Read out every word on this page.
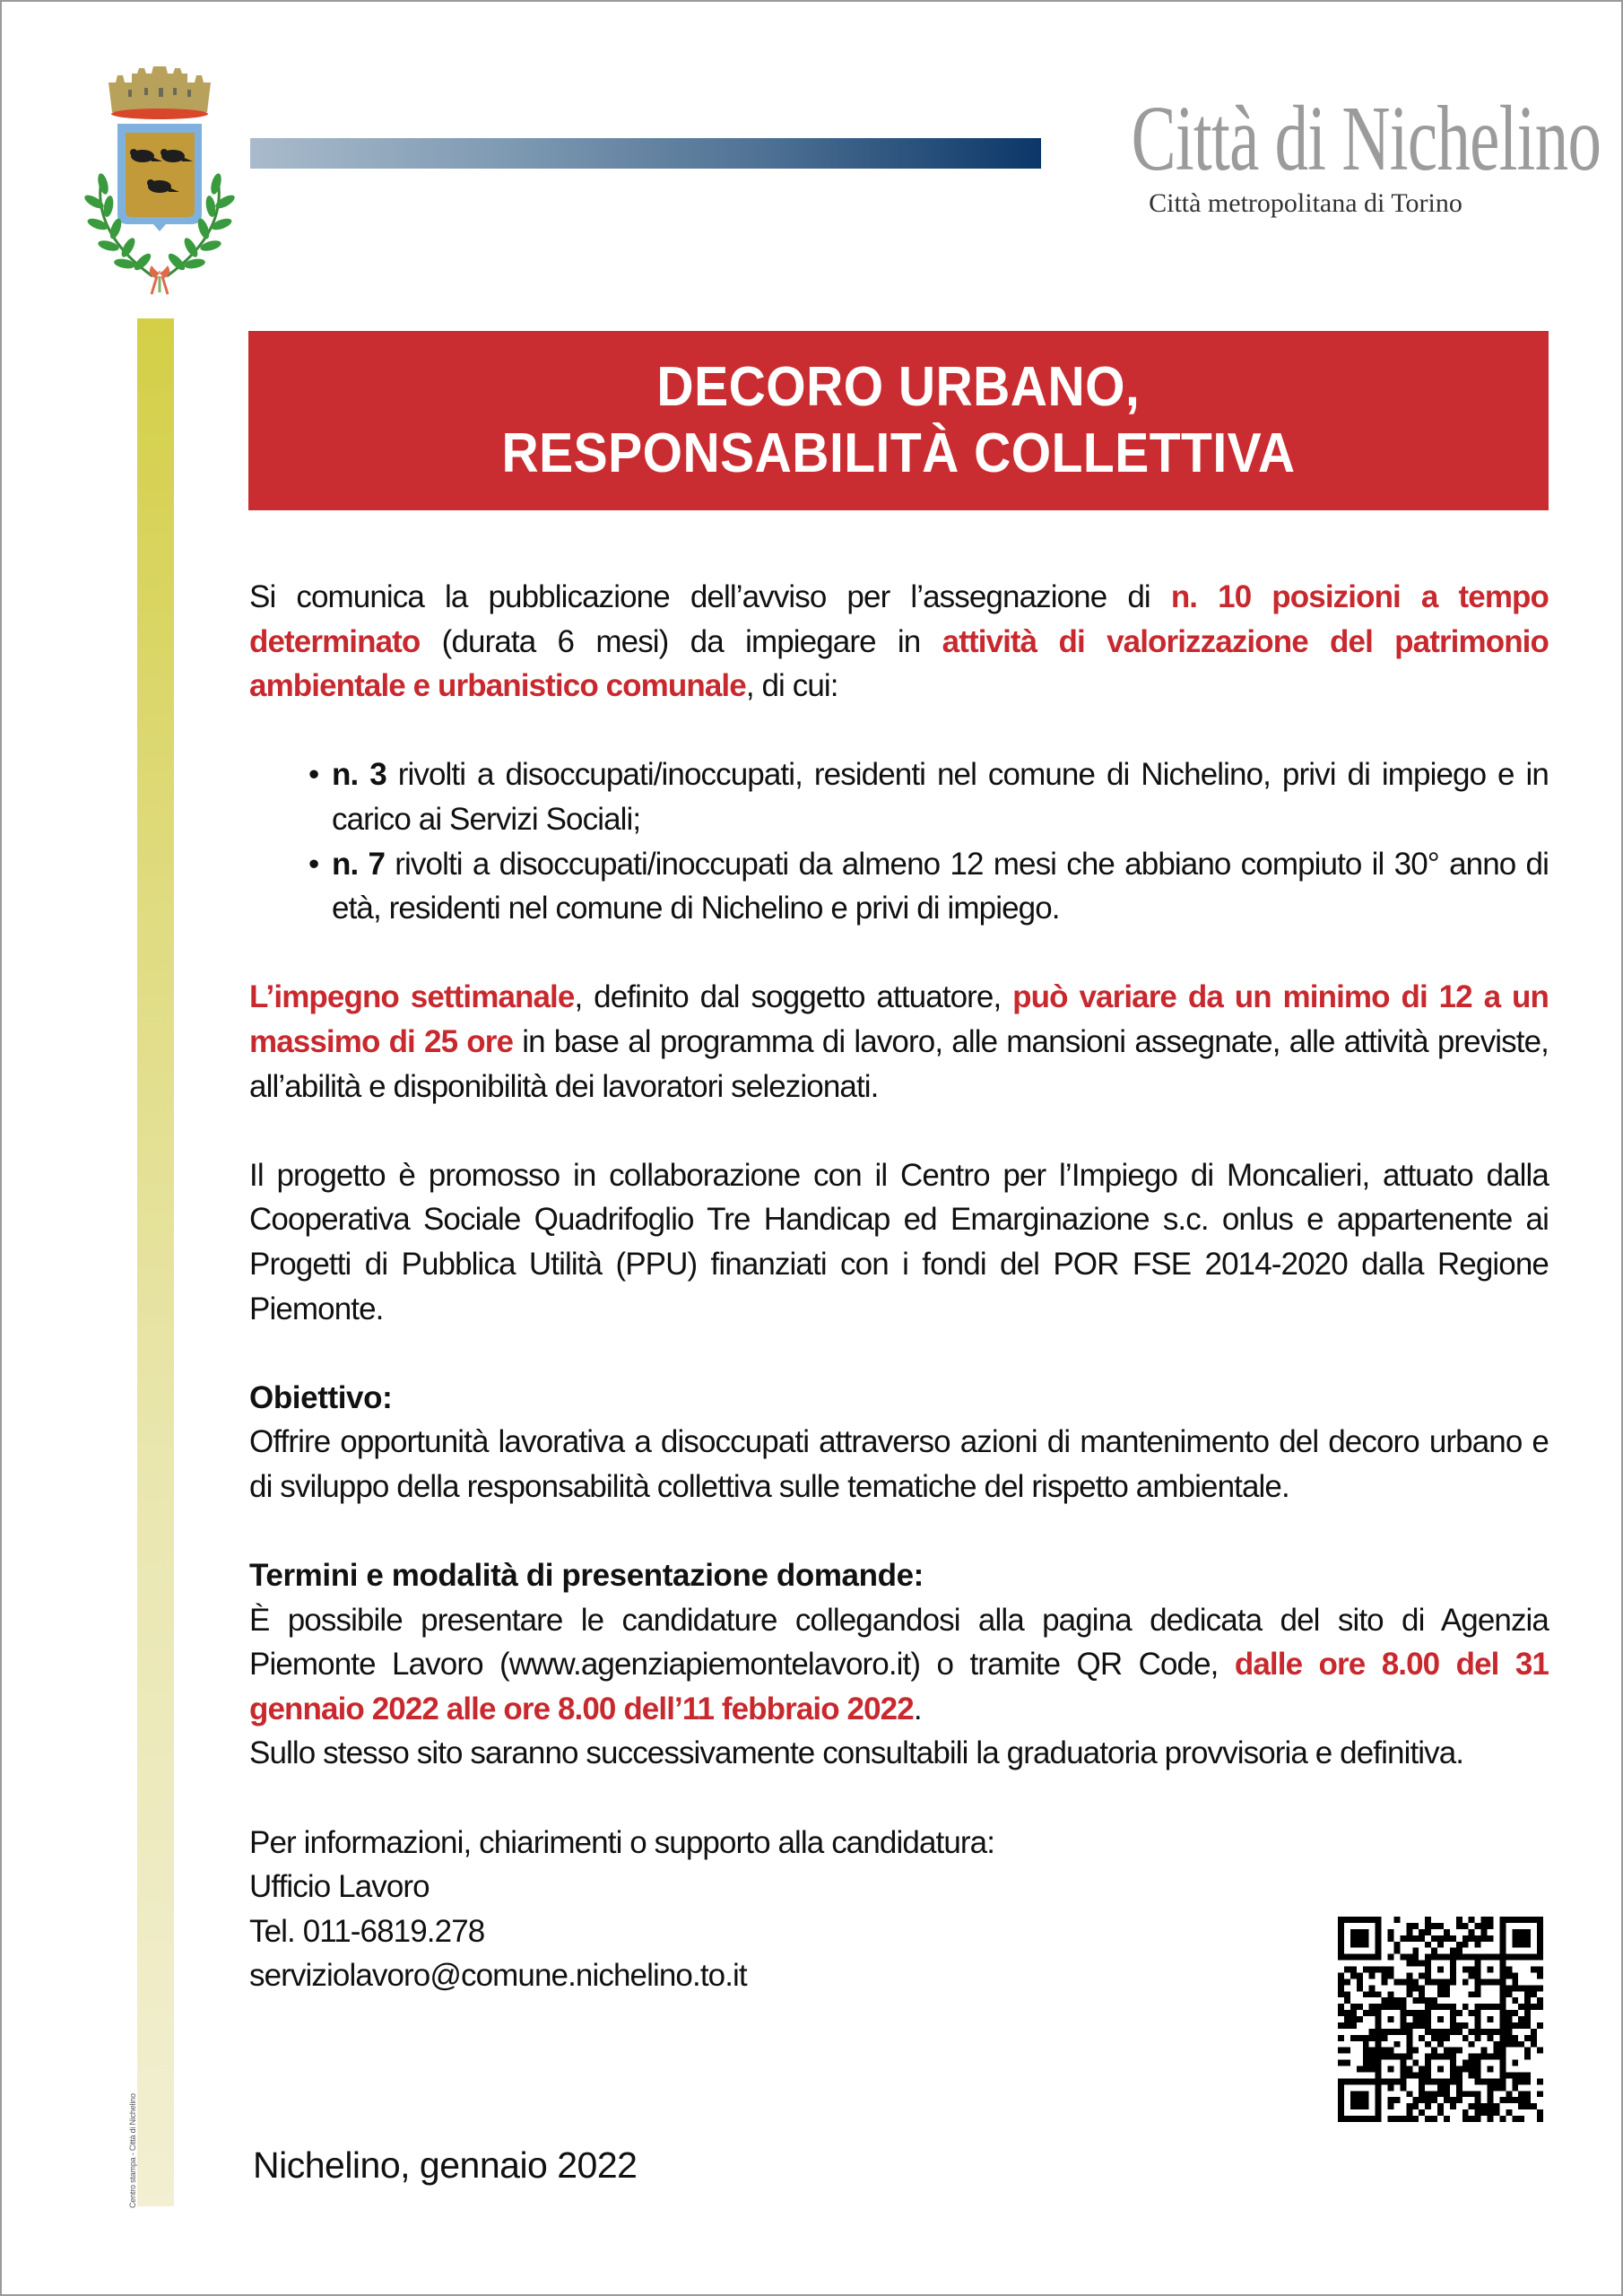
Centro stampa - Città di Nichelino
Città di Nichelino
Città metropolitana di Torino
DECORO URBANO,
RESPONSABILITÀ COLLETTIVA

Si comunica la pubblicazione dell’avviso per l’assegnazione di n. 10 posizioni a tempo determinato (durata 6 mesi) da impiegare in attività di valorizzazione del patrimonio ambientale e urbanistico comunale, di cui:

• n. 3 rivolti a disoccupati/inoccupati, residenti nel comune di Nichelino, privi di impiego e in carico ai Servizi Sociali;
• n. 7 rivolti a disoccupati/inoccupati da almeno 12 mesi che abbiano compiuto il 30° anno di età, residenti nel comune di Nichelino e privi di impiego.

L’impegno settimanale, definito dal soggetto attuatore, può variare da un minimo di 12 a un massimo di 25 ore in base al programma di lavoro, alle mansioni assegnate, alle attività previste, all’abilità e disponibilità dei lavoratori selezionati.

Il progetto è promosso in collaborazione con il Centro per l’Impiego di Moncalieri, attuato dalla Cooperativa Sociale Quadrifoglio Tre Handicap ed Emarginazione s.c. onlus e appartenente ai Progetti di Pubblica Utilità (PPU) finanziati con i fondi del POR FSE 2014-2020 dalla Regione Piemonte.

Obiettivo:

Offrire opportunità lavorativa a disoccupati attraverso azioni di mantenimento del decoro urbano e di sviluppo della responsabilità collettiva sulle tematiche del rispetto ambientale.

Termini e modalità di presentazione domande:

È possibile presentare le candidature collegandosi alla pagina dedicata del sito di Agenzia Piemonte Lavoro (www.agenziapiemontelavoro.it) o tramite QR Code, dalle ore 8.00 del 31 gennaio 2022 alle ore 8.00 dell’11 febbraio 2022.

Sullo stesso sito saranno successivamente consultabili la graduatoria provvisoria e definitiva.

Per informazioni, chiarimenti o supporto alla candidatura:

Ufficio Lavoro

Tel. 011-6819.278

serviziolavoro@comune.nichelino.to.it

Nichelino, gennaio 2022
